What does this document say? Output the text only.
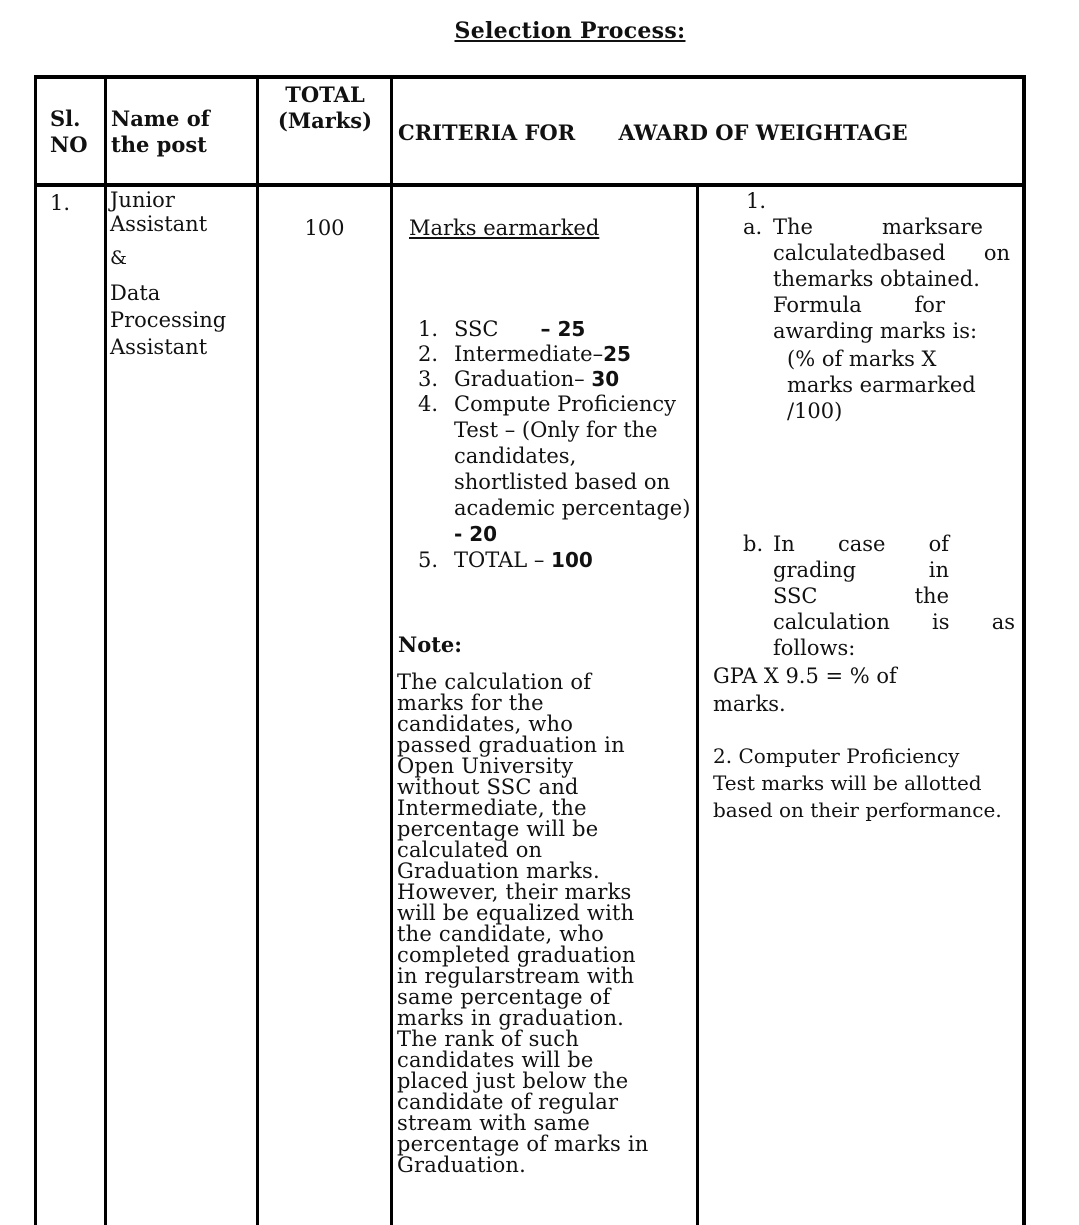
Selection Process:
Sl. NO
Name of the post
TOTAL (Marks)	CRITERIA FOR AWARD OF WEIGHTAGE
1. Junior
Assistant
&
Data
Processing
Assistant
100	Marks earmarked
1. SSC – 25
2. Intermediate– 25
3. Graduation– 30
4. Compute Proficiency Test – (Only for the candidates, shortlisted based on academic percentage)
- 20
5. TOTAL – 100
Note:
The calculation of
marks for the
candidates, who
passed graduation in
Open University
without SSC and
Intermediate, the
percentage will be
calculated on
Graduation marks.
However, their marks
will be equalized with
the candidate, who
completed graduation
in regularstream with
same percentage of
marks in graduation.
The rank of such
candidates will be
placed just below the
candidate of regular
stream with same
percentage of marks in
Graduation.
1.
a. The marksare
calculatedbased on
themarks obtained.
Formula for
awarding marks is:
(% of marks X
marks earmarked
/100)
b. In case of
grading in
SSC the
calculation is as
follows:
GPA X 9.5 = % of
marks.
2. Computer Proficiency
Test marks will be allotted
based on their performance.
